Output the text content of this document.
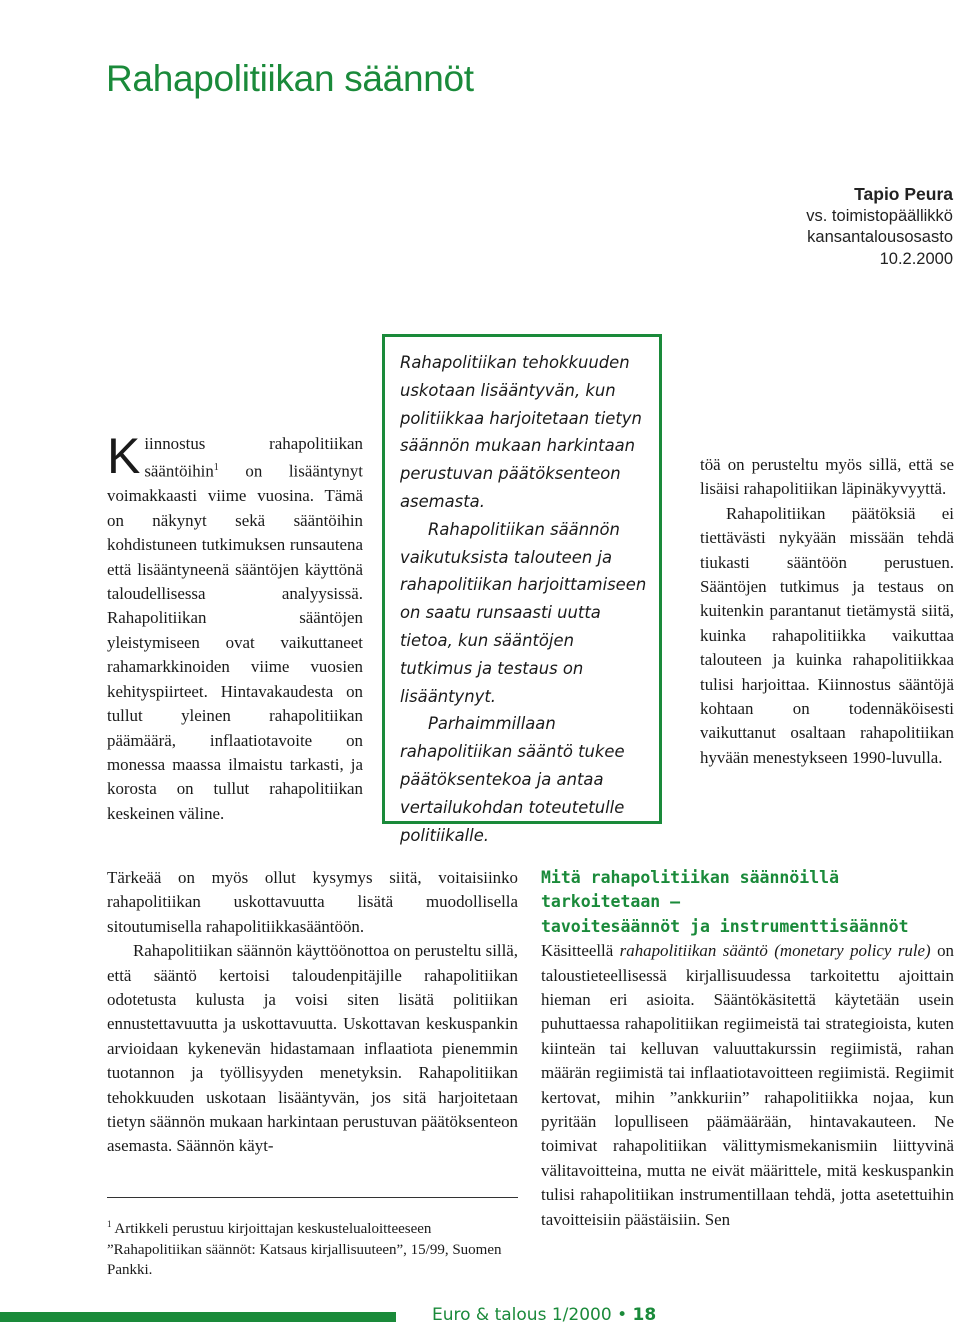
Rahapolitiikan säännöt
Tapio Peura
vs. toimistopäällikkö
kansantalousosasto
10.2.2000
Kiinnostus rahapolitiikan sääntöihin$^1$ on lisääntynyt voimakkaasti viime vuosina. Tämä on näkynyt sekä sääntöihin kohdistuneen tutkimuksen runsautena että lisääntyneenä sääntöjen käyttönä taloudellisessa analyysissä. Rahapolitiikan sääntöjen yleistymiseen ovat vaikuttaneet rahamarkkinoiden viime vuosien kehityspiirteet. Hintavakaudesta on tullut yleinen rahapolitiikan päämäärä, inflaatiotavoite on monessa maassa ilmaistu tarkasti, ja korosta on tullut rahapolitiikan keskeinen väline.

Tärkeää on myös ollut kysymys siitä, voitaisiinko rahapolitiikan uskottavuutta lisätä muodollisella sitoutumisella rahapolitiikkasääntöön.

Rahapolitiikan säännön käyttöönottoa on perusteltu sillä, että sääntö kertoisi taloudenpitäjille rahapolitiikan odotetusta kulusta ja voisi siten lisätä politiikan ennustettavuutta ja uskottavuutta. Uskottavan keskuspankin arvioidaan kykenevän hidastamaan inflaatiota pienemmin tuotannon ja työllisyyden menetyksin. Rahapolitiikan tehokkuuden uskotaan lisääntyvän, jos sitä harjoitetaan tietyn säännön mukaan harkintaan perustuvan päätöksenteon asemasta. Säännön käyt-

Rahapolitiikan tehokkuuden uskotaan lisääntyvän, kun politiikkaa harjoitetaan tietyn säännön mukaan harkintaan perustuvan päätöksenteon asemasta.

Rahapolitiikan säännön vaikutuksista talouteen ja rahapolitiikan harjoittamiseen on saatu runsaasti uutta tietoa, kun sääntöjen tutkimus ja testaus on lisääntynyt.

Parhaimmillaan rahapolitiikan sääntö tukee päätöksentekoa ja antaa vertailukohdan toteutetulle politiikalle.

töä on perusteltu myös sillä, että se lisäisi rahapolitiikan läpinäkyvyyttä.

Rahapolitiikan päätöksiä ei tiettävästi nykyään missään tehdä tiukasti sääntöön perustuen. Sääntöjen tutkimus ja testaus on kuitenkin parantanut tietämystä siitä, kuinka rahapolitiikka vaikuttaa talouteen ja kuinka rahapolitiikkaa tulisi harjoittaa. Kiinnostus sääntöjä kohtaan on todennäköisesti vaikuttanut osaltaan rahapolitiikan hyvään menestykseen 1990-luvulla.

Mitä rahapolitiikan säännöillä
tarkoitetaan –
tavoitesäännöt ja instrumenttisäännöt

Käsitteellä rahapolitiikan sääntö (monetary policy rule) on taloustieteellisessä kirjallisuudessa tarkoitettu ajoittain hieman eri asioita. Sääntökäsitettä käytetään usein puhuttaessa rahapolitiikan regiimeistä tai strategioista, kuten kiinteän tai kelluvan valuuttakurssin regiimistä, rahan määrän regiimistä tai inflaatiotavoitteen regiimistä. Regiimit kertovat, mihin ”ankkuriin” rahapolitiikka nojaa, kun pyritään lopulliseen päämäärään, hintavakauteen. Ne toimivat rahapolitiikan välittymismekanismiin liittyvinä välitavoitteina, mutta ne eivät määrittele, mitä keskuspankin tulisi rahapolitiikan instrumentillaan tehdä, jotta asetettuihin tavoitteisiin päästäisiin. Sen

$^1$ Artikkeli perustuu kirjoittajan keskustelualoitteeseen ”Rahapolitiikan säännöt: Katsaus kirjallisuuteen”, 15/99, Suomen Pankki.
Euro & talous 1/2000 • 18
